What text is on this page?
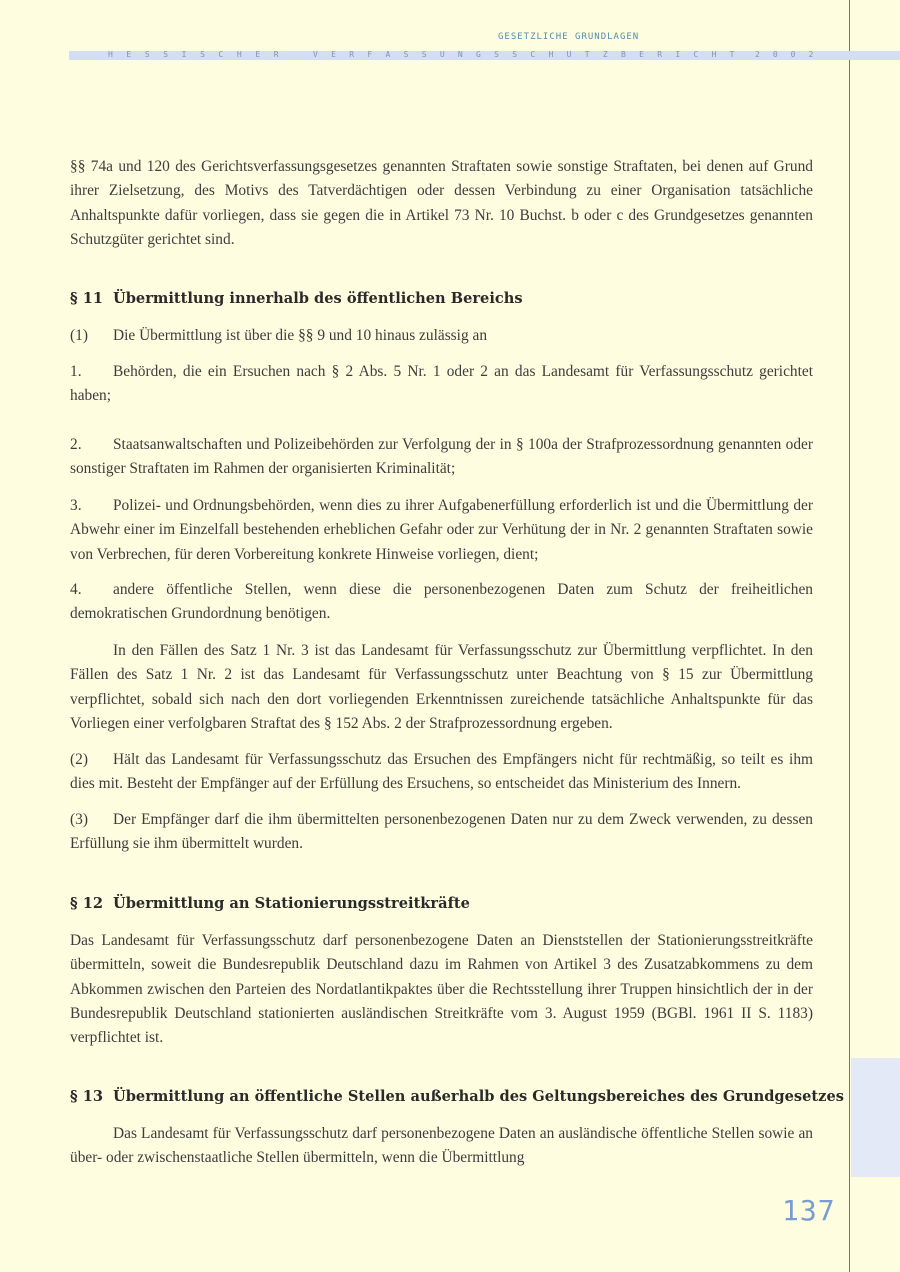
GESETZLICHE GRUNDLAGEN
HESSISCHER	VERFASSUNGSSCHUTZBERICHT 2002

§§ 74a und 120 des Gerichtsverfassungsgesetzes genannten Straftaten sowie sonstige Straftaten, bei denen auf Grund ihrer Zielsetzung, des Motivs des Tatverdächtigen oder dessen Verbindung zu einer Organisation tatsächliche Anhaltspunkte dafür vorliegen, dass sie gegen die in Artikel 73 Nr. 10 Buchst. b oder c des Grundgesetzes genannten Schutzgüter gerichtet sind.

§ 11 Übermittlung innerhalb des öffentlichen Bereichs

(1) Die Übermittlung ist über die §§ 9 und 10 hinaus zulässig an

1. Behörden, die ein Ersuchen nach § 2 Abs. 5 Nr. 1 oder 2 an das Landesamt für Verfassungsschutz gerichtet haben;

2. Staatsanwaltschaften und Polizeibehörden zur Verfolgung der in § 100a der Strafprozessordnung genannten oder sonstiger Straftaten im Rahmen der organisierten Kriminalität;

3. Polizei- und Ordnungsbehörden, wenn dies zu ihrer Aufgabenerfüllung erforderlich ist und die Übermittlung der Abwehr einer im Einzelfall bestehenden erheblichen Gefahr oder zur Verhütung der in Nr. 2 genannten Straftaten sowie von Verbrechen, für deren Vorbereitung konkrete Hinweise vorliegen, dient;

4. andere öffentliche Stellen, wenn diese die personenbezogenen Daten zum Schutz der freiheitlichen demokratischen Grundordnung benötigen.

In den Fällen des Satz 1 Nr. 3 ist das Landesamt für Verfassungsschutz zur Übermittlung verpflichtet. In den Fällen des Satz 1 Nr. 2 ist das Landesamt für Verfassungsschutz unter Beachtung von § 15 zur Übermittlung verpflichtet, sobald sich nach den dort vorliegenden Erkenntnissen zureichende tatsächliche Anhaltspunkte für das Vorliegen einer verfolgbaren Straftat des § 152 Abs. 2 der Strafprozessordnung ergeben.

(2) Hält das Landesamt für Verfassungsschutz das Ersuchen des Empfängers nicht für rechtmäßig, so teilt es ihm dies mit. Besteht der Empfänger auf der Erfüllung des Ersuchens, so entscheidet das Ministerium des Innern.

(3) Der Empfänger darf die ihm übermittelten personenbezogenen Daten nur zu dem Zweck verwenden, zu dessen Erfüllung sie ihm übermittelt wurden.

§ 12 Übermittlung an Stationierungsstreitkräfte

Das Landesamt für Verfassungsschutz darf personenbezogene Daten an Dienststellen der Stationierungsstreitkräfte übermitteln, soweit die Bundesrepublik Deutschland dazu im Rahmen von Artikel 3 des Zusatzabkommens zu dem Abkommen zwischen den Parteien des Nordatlantikpaktes über die Rechtsstellung ihrer Truppen hinsichtlich der in der Bundesrepublik Deutschland stationierten ausländischen Streitkräfte vom 3. August 1959 (BGBl. 1961 II S. 1183) verpflichtet ist.

§ 13 Übermittlung an öffentliche Stellen außerhalb des Geltungsbereiches des Grundgesetzes

Das Landesamt für Verfassungsschutz darf personenbezogene Daten an ausländische öffentliche Stellen sowie an über- oder zwischenstaatliche Stellen übermitteln, wenn die Übermittlung

137
